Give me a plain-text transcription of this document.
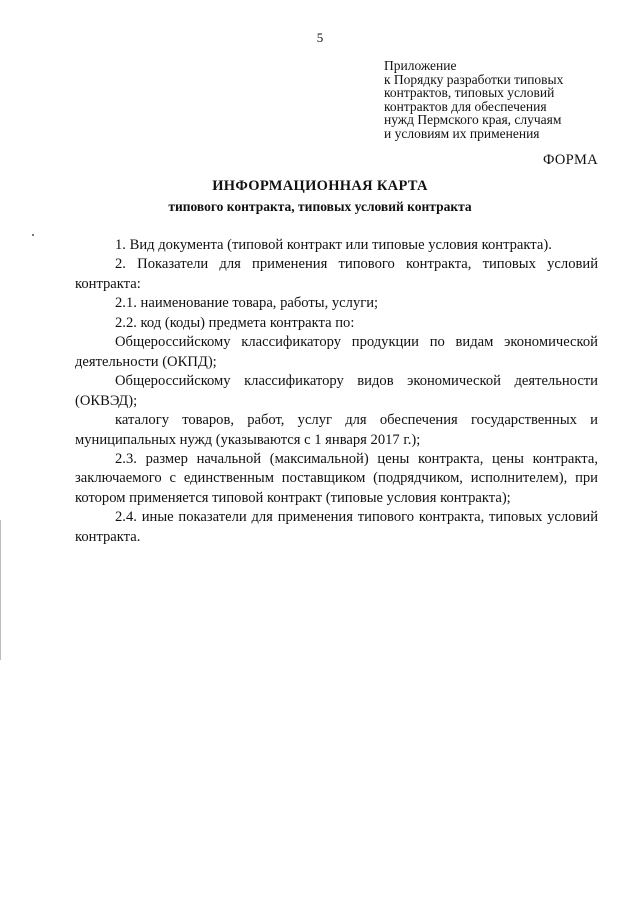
5
Приложение
к Порядку разработки типовых
контрактов, типовых условий
контрактов для обеспечения
нужд Пермского края, случаям
и условиям их применения
ФОРМА
ИНФОРМАЦИОННАЯ КАРТА
типового контракта, типовых условий контракта

1. Вид документа (типовой контракт или типовые условия контракта).

2. Показатели для применения типового контракта, типовых условий контракта:

2.1. наименование товара, работы, услуги;

2.2. код (коды) предмета контракта по:

Общероссийскому классификатору продукции по видам экономической деятельности (ОКПД);

Общероссийскому классификатору видов экономической деятельности (ОКВЭД);

каталогу товаров, работ, услуг для обеспечения государственных и муниципальных нужд (указываются с 1 января 2017 г.);

2.3. размер начальной (максимальной) цены контракта, цены контракта, заключаемого с единственным поставщиком (подрядчиком, исполнителем), при котором применяется типовой контракт (типовые условия контракта);

2.4. иные показатели для применения типового контракта, типовых условий контракта.
